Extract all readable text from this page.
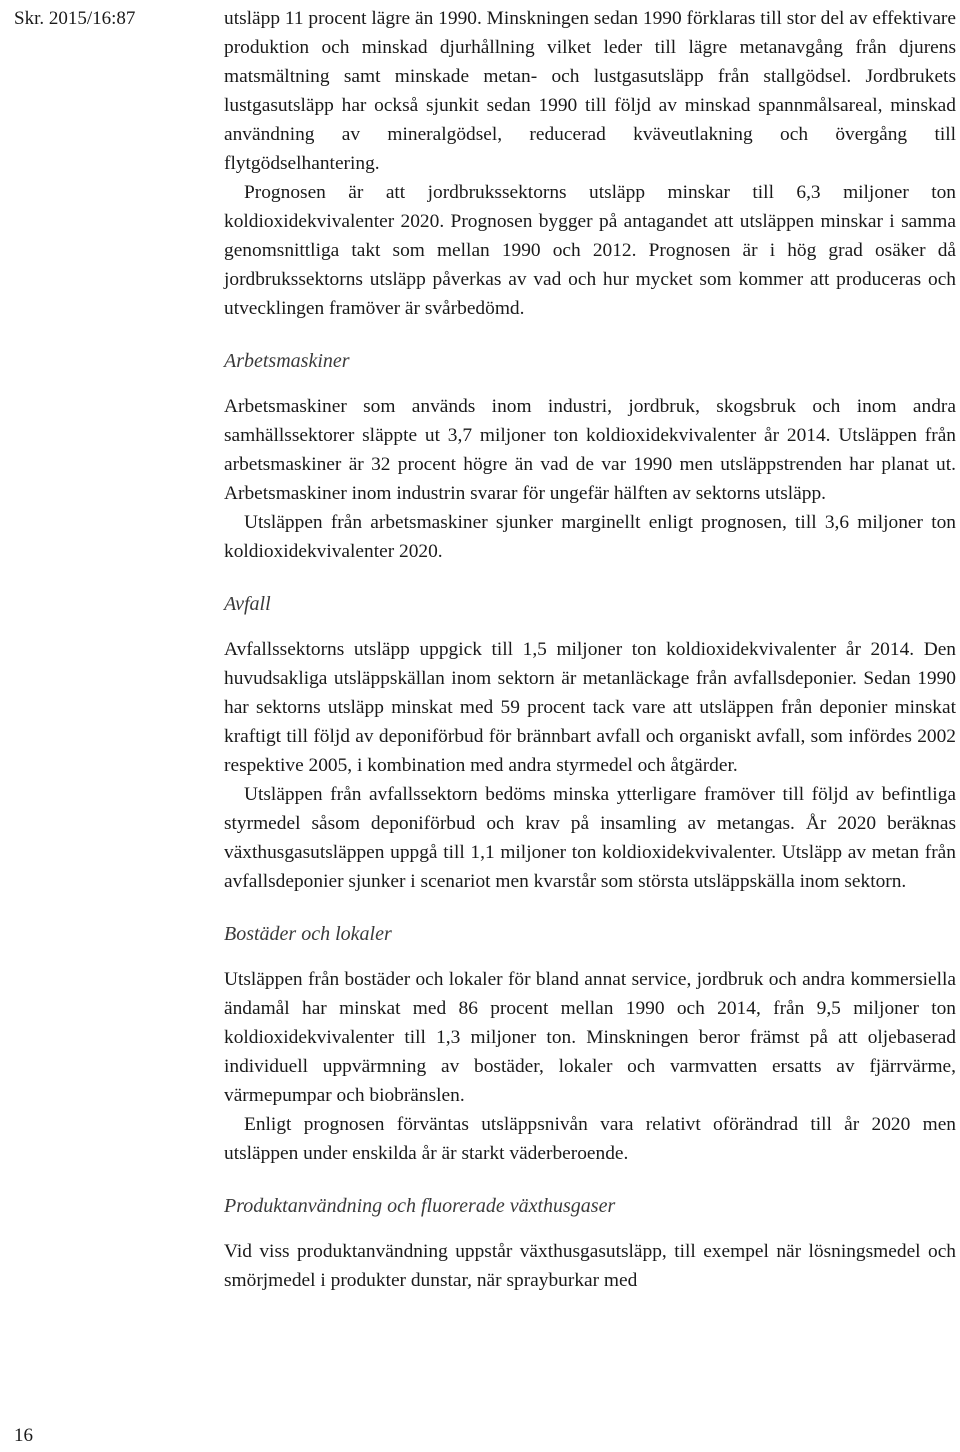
Skr. 2015/16:87	utsläpp 11 procent lägre än 1990. Minskningen sedan 1990 förklaras till stor del av effektivare produktion och minskad djurhållning vilket leder till lägre metanavgång från djurens matsmältning samt minskade metan- och lustgasutsläpp från stallgödsel. Jordbrukets lustgasutsläpp har också sjunkit sedan 1990 till följd av minskad spannmålsareal, minskad användning av mineralgödsel, reducerad kväveutlakning och övergång till flytgödselhantering.

Prognosen är att jordbrukssektorns utsläpp minskar till 6,3 miljoner ton koldioxidekvivalenter 2020. Prognosen bygger på antagandet att utsläppen minskar i samma genomsnittliga takt som mellan 1990 och 2012. Prognosen är i hög grad osäker då jordbrukssektorns utsläpp påverkas av vad och hur mycket som kommer att produceras och utvecklingen framöver är svårbedömd.

Arbetsmaskiner

Arbetsmaskiner som används inom industri, jordbruk, skogsbruk och inom andra samhällssektorer släppte ut 3,7 miljoner ton koldioxidekvivalenter år 2014. Utsläppen från arbetsmaskiner är 32 procent högre än vad de var 1990 men utsläppstrenden har planat ut. Arbetsmaskiner inom industrin svarar för ungefär hälften av sektorns utsläpp.

Utsläppen från arbetsmaskiner sjunker marginellt enligt prognosen, till 3,6 miljoner ton koldioxidekvivalenter 2020.

Avfall

Avfallssektorns utsläpp uppgick till 1,5 miljoner ton koldioxidekvivalenter år 2014. Den huvudsakliga utsläppskällan inom sektorn är metanläckage från avfallsdeponier. Sedan 1990 har sektorns utsläpp minskat med 59 procent tack vare att utsläppen från deponier minskat kraftigt till följd av deponiförbud för brännbart avfall och organiskt avfall, som infördes 2002 respektive 2005, i kombination med andra styrmedel och åtgärder.

Utsläppen från avfallssektorn bedöms minska ytterligare framöver till följd av befintliga styrmedel såsom deponiförbud och krav på insamling av metangas. År 2020 beräknas växthusgasutsläppen uppgå till 1,1 miljoner ton koldioxidekvivalenter. Utsläpp av metan från avfallsdeponier sjunker i scenariot men kvarstår som största utsläppskälla inom sektorn.

Bostäder och lokaler

Utsläppen från bostäder och lokaler för bland annat service, jordbruk och andra kommersiella ändamål har minskat med 86 procent mellan 1990 och 2014, från 9,5 miljoner ton koldioxidekvivalenter till 1,3 miljoner ton. Minskningen beror främst på att oljebaserad individuell uppvärmning av bostäder, lokaler och varmvatten ersatts av fjärrvärme, värmepumpar och biobränslen.

Enligt prognosen förväntas utsläppsnivån vara relativt oförändrad till år 2020 men utsläppen under enskilda år är starkt väderberoende.

Produktanvändning och fluorerade växthusgaser

Vid viss produktanvändning uppstår växthusgasutsläpp, till exempel när lösningsmedel och smörjmedel i produkter dunstar, när sprayburkar med

16
